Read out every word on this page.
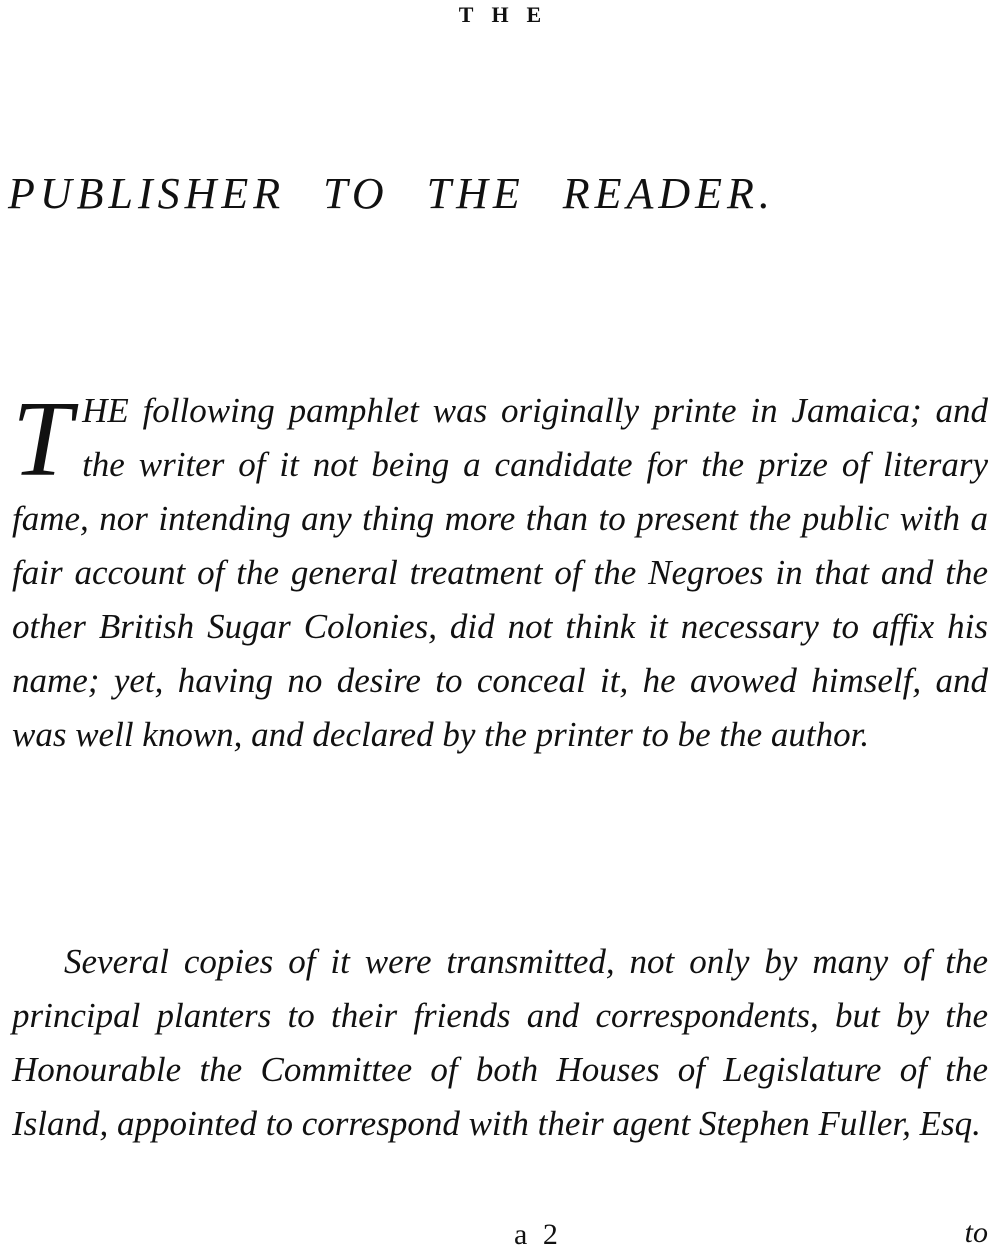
THE
PUBLISHER TO THE READER.
T HE following pamphlet was originally printe in Jamaica; and the writer of it not being a candidate for the prize of literary fame, nor intending any thing more than to present the public with a fair account of the general treatment of the Negroes in that and the other British Sugar Colonies, did not think it necessary to affix his name; yet, having no desire to conceal it, he avowed himself, and was well known, and declared by the printer to be the author.
Several copies of it were transmitted, not only by many of the principal planters to their friends and correspondents, but by the Honourable the Committee of both Houses of Legislature of the Island, appointed to correspond with their agent Stephen Fuller, Esq.
a 2	to
